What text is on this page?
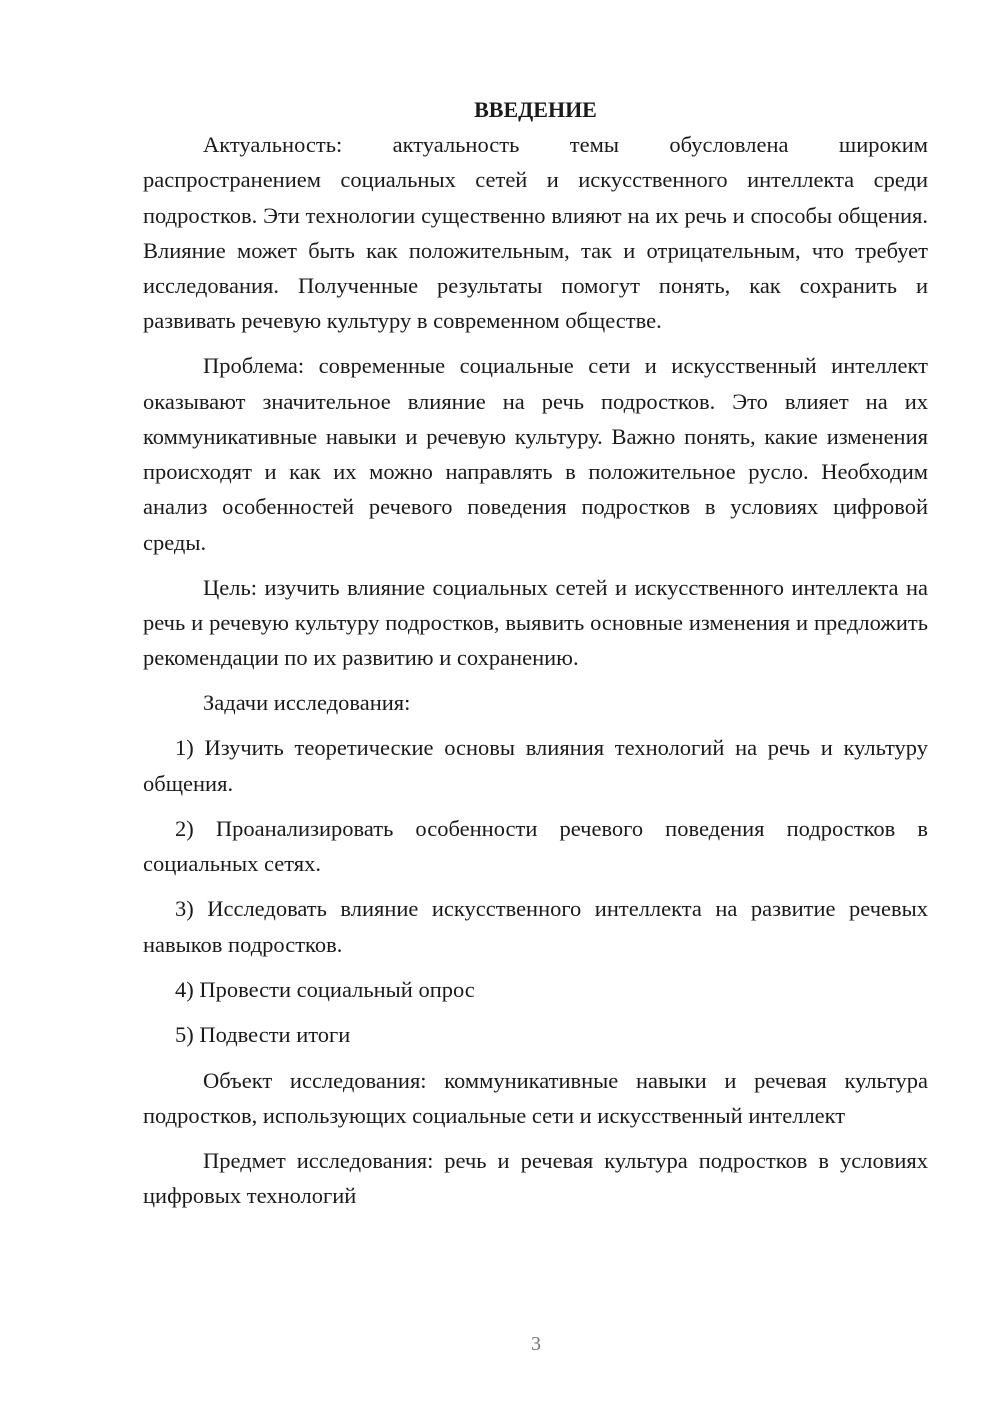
ВВЕДЕНИЕ

Актуальность: актуальность темы обусловлена широким распространением социальных сетей и искусственного интеллекта среди подростков. Эти технологии существенно влияют на их речь и способы общения. Влияние может быть как положительным, так и отрицательным, что требует исследования. Полученные результаты помогут понять, как сохранить и развивать речевую культуру в современном обществе.

Проблема: современные социальные сети и искусственный интеллект оказывают значительное влияние на речь подростков. Это влияет на их коммуникативные навыки и речевую культуру. Важно понять, какие изменения происходят и как их можно направлять в положительное русло. Необходим анализ особенностей речевого поведения подростков в условиях цифровой среды.

Цель: изучить влияние социальных сетей и искусственного интеллекта на речь и речевую культуру подростков, выявить основные изменения и предложить рекомендации по их развитию и сохранению.

Задачи исследования:

1) Изучить теоретические основы влияния технологий на речь и культуру общения.

2) Проанализировать особенности речевого поведения подростков в социальных сетях.

3) Исследовать влияние искусственного интеллекта на развитие речевых навыков подростков.

4) Провести социальный опрос

5) Подвести итоги

Объект исследования: коммуникативные навыки и речевая культура подростков, использующих социальные сети и искусственный интеллект

Предмет исследования: речь и речевая культура подростков в условиях цифровых технологий

3
